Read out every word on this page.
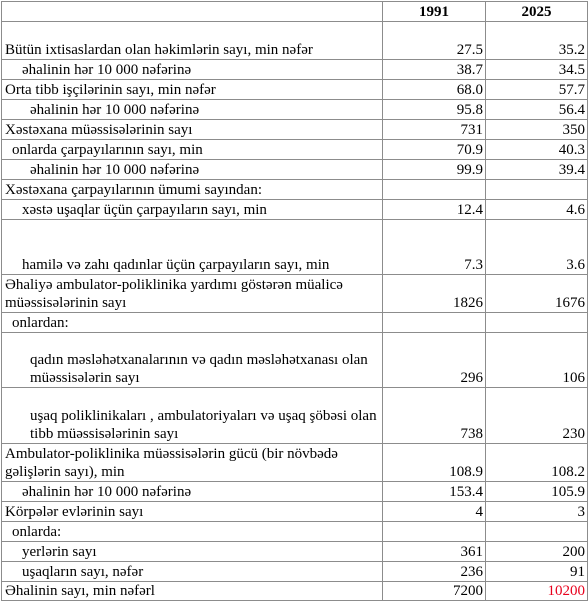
	1991	2025
Bütün ixtisaslardan olan həkimlərin sayı, min nəfər	27.5	35.2
əhalinin hər 10 000 nəfərinə	38.7	34.5
Orta tibb işçilərinin sayı, min nəfər	68.0	57.7
əhalinin hər 10 000 nəfərinə	95.8	56.4
Xəstəxana müəssisələrinin sayı	731	350
onlarda çarpayılarının sayı, min	70.9	40.3
əhalinin hər 10 000 nəfərinə	99.9	39.4
Xəstəxana çarpayılarının ümumi sayından:		
xəstə uşaqlar üçün çarpayıların sayı, min	12.4	4.6
hamilə və zahı qadınlar üçün çarpayıların sayı, min	7.3	3.6
Əhaliyə ambulator-poliklinika yardımı göstərən müalicə müəssisələrinin sayı	1826	1676
onlardan:		
qadın məsləhətxanalarının və qadın məsləhətxanası olan müəssisələrin sayı	296	106
uşaq poliklinikaları , ambulatoriyaları və uşaq şöbəsi olan tibb müəssisələrinin sayı	738	230
Ambulator-poliklinika müəssisələrin gücü (bir növbədə gəlişlərin sayı), min	108.9	108.2
əhalinin hər 10 000 nəfərinə	153.4	105.9
Körpələr evlərinin sayı	4	3
onlarda:		
yerlərin sayı	361	200
uşaqların sayı, nəfər	236	91
Əhalinin sayı, min nəfərl	7200	10200
